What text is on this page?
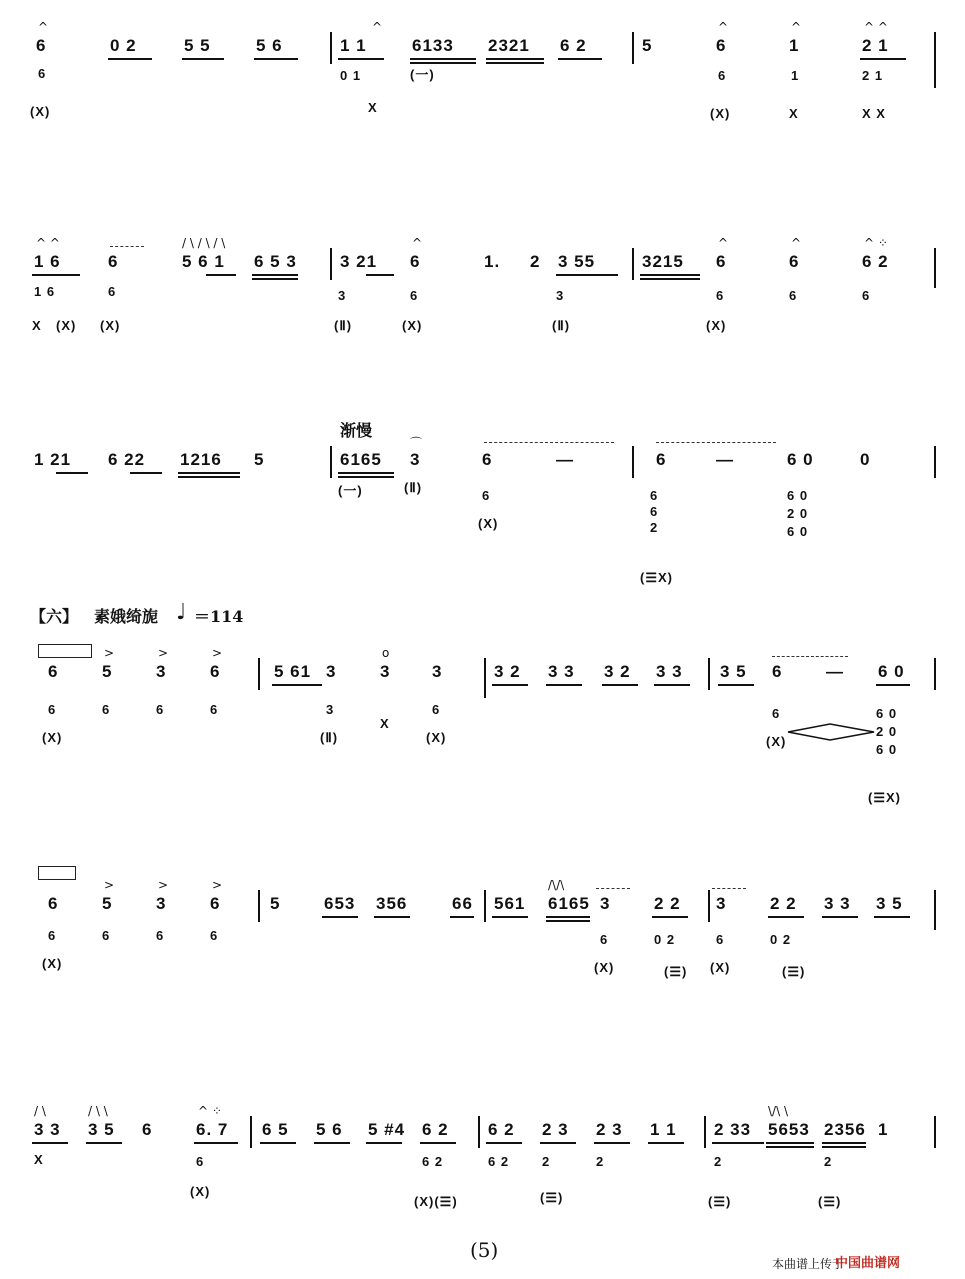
^
6	0 2	5 5	5 6
^
1 1	6133 2321 6 2	5
^
6
^
1
^ ^
2 1
6
(X)
0 1
X
(一)	6
(X)
1
X
2 1
X X
^ ^
1 6	6
/ \ / \ / \
5 6 1 6 5 3	3 21
^
6	1. 2 3 55	3215
^
6
^
6
^ ⁘
6 2
1 6	6
X (X) (X)
3
(Ⅱ)
6
(X)
3
(Ⅱ)
6
(X)
6	6
渐慢
1 21 6 22 1216 5	6165
⌒
3	6	—	6	—	6 0	0
(一)	(Ⅱ)
6
(X)
6
6
2
6 0
2 0
6 0
(☰X)
【六】 素娥绮旎 ♩ ＝114
6
>
5
>
3
>
6	5 61 3
o
3 3	3 2 3 3 3 2 3 3 3 5 6	— 6 0
6	6	6	6
(X)
3
(Ⅱ)
X
6
(X)
6
(X)
6 0
2 0
6 0
(☰X)
6
>
5
>
3
>
6	5	653 356	66 561
/\/\
6165 3	2 2 3	2 2 3 3 3 5
6	6	6	6
(X)
6
(X)
0 2
(☰)
6
(X)
0 2
(☰)
/ \
3 3
/ \ \
3 5 6
^ ⁘
6. 7 6 5 5 6 5 #4 6 2 6 2 2 3 2 3 1 1 2 33
\/\ \
5653 2356 1
X	6
(X)
6 2
(X)(☰)
6 2	2
(☰)
2	2
(☰)
2
(☰)
(5)
本曲谱上传于
中国曲谱网
